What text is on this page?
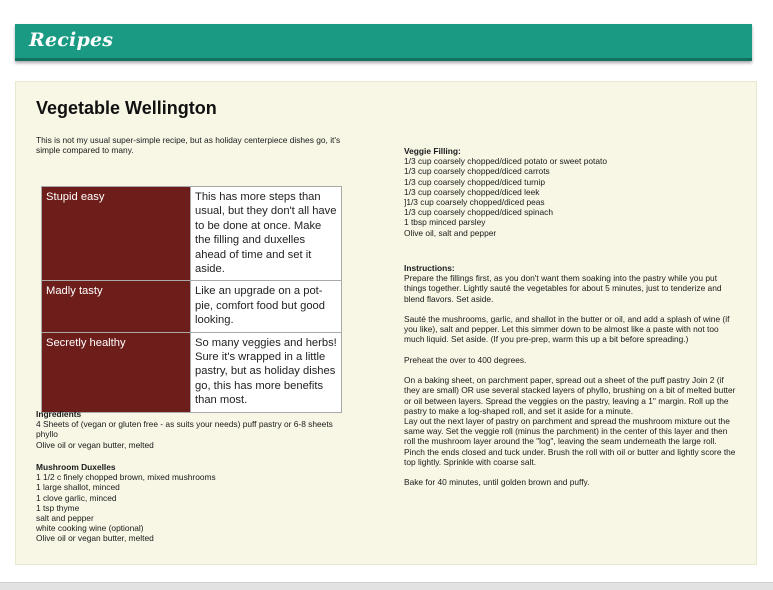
Recipes
Vegetable Wellington
This is not my usual super-simple recipe, but as holiday centerpiece dishes go, it's simple compared to many.
Stupid easy	This has more steps than usual, but they don't all have to be done at once. Make the filling and duxelles ahead of time and set it aside.
Madly tasty	Like an upgrade on a pot-pie, comfort food but good looking.
Secretly healthy	So many veggies and herbs! Sure it's wrapped in a little pastry, but as holiday dishes go, this has more benefits than most.

Ingredients

4 Sheets of (vegan or gluten free - as suits your needs) puff pastry or 6-8 sheets phyllo

Olive oil or vegan butter, melted

Mushroom Duxelles

1 1/2 c finely chopped brown, mixed mushrooms

1 large shallot, minced

1 clove garlic, minced

1 tsp thyme

salt and pepper

white cooking wine (optional)

Olive oil or vegan butter, melted

Veggie Filling:

1/3 cup coarsely chopped/diced potato or sweet potato

1/3 cup coarsely chopped/diced carrots

1/3 cup coarsely chopped/diced turnip

1/3 cup coarsely chopped/diced leek

]1/3 cup coarsely chopped/diced peas

1/3 cup coarsely chopped/diced spinach

1 tbsp minced parsley

Olive oil, salt and pepper

Instructions:

Prepare the fillings first, as you don't want them soaking into the pastry while you put things together. Lightly sauté the vegetables for about 5 minutes, just to tenderize and blend flavors. Set aside.

Sauté the mushrooms, garlic, and shallot in the butter or oil, and add a splash of wine (if you like), salt and pepper. Let this simmer down to be almost like a paste with not too much liquid. Set aside. (If you pre-prep, warm this up a bit before spreading.)

Preheat the over to 400 degrees.

On a baking sheet, on parchment paper, spread out a sheet of the puff pastry Join 2 (if they are small) OR use several stacked layers of phyllo, brushing on a bit of melted butter or oil between layers. Spread the veggies on the pastry, leaving a 1" margin. Roll up the pastry to make a log-shaped roll, and set it aside for a minute.

Lay out the next layer of pastry on parchment and spread the mushroom mixture out the same way. Set the veggie roll (minus the parchment) in the center of this layer and then roll the mushroom layer around the "log", leaving the seam underneath the large roll. Pinch the ends closed and tuck under. Brush the roll with oil or butter and lightly score the top lightly. Sprinkle with coarse salt.

Bake for 40 minutes, until golden brown and puffy.
